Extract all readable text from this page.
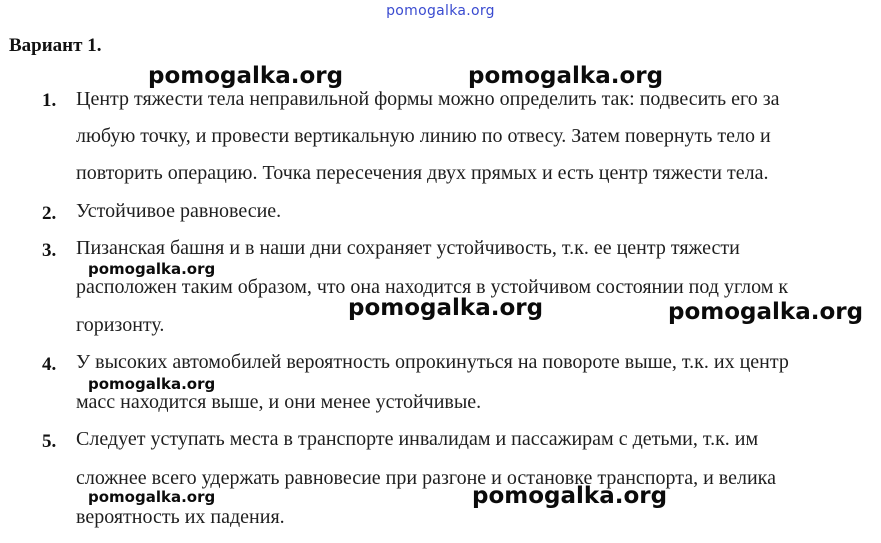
pomogalka.org
Вариант 1.
1. Центр тяжести тела неправильной формы можно определить так: подвесить его за
любую точку, и провести вертикальную линию по отвесу. Затем повернуть тело и
повторить операцию. Точка пересечения двух прямых и есть центр тяжести тела.
2. Устойчивое равновесие.
3. Пизанская башня и в наши дни сохраняет устойчивость, т.к. ее центр тяжести
расположен таким образом, что она находится в устойчивом состоянии под углом к
горизонту.
4. У высоких автомобилей вероятность опрокинуться на повороте выше, т.к. их центр
масс находится выше, и они менее устойчивые.
5. Следует уступать места в транспорте инвалидам и пассажирам с детьми, т.к. им
сложнее всего удержать равновесие при разгоне и остановке транспорта, и велика
вероятность их падения.
pomogalka.org	pomogalka.org
pomogalka.org
pomogalka.org	pomogalka.org
pomogalka.org
pomogalka.org	pomogalka.org
